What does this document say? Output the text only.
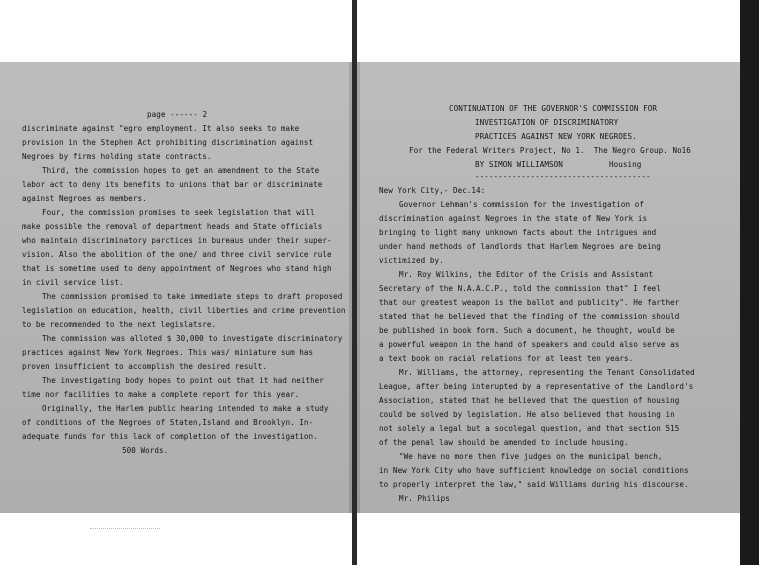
page ------ 2
discriminate against "egro employment. It also seeks to make
provision in the Stephen Act prohibiting discrimination against
Negroes by firms holding state contracts.
Third, the commission hopes to get an amendment to the State
labor act to deny its benefits to unions that bar or discriminate
against Negroes as members.
Four, the commission promises to seek legislation that will
make possible the removal of department heads and State officials
who maintain discriminatory parctices in bureaus under their super-
vision. Also the abolition of the one/ and three civil service rule
that is sometime used to deny appointment of Negroes who stand high
in civil service list.
The commission promised to take immediate steps to draft proposed
legislation on education, health, civil liberties and crime prevention
to be recommended to the next legislatsre.
The commission was alloted $ 30,000 to investigate discriminatory
practices against New York Negroes. This was/ miniature sum has
proven insufficient to accomplish the desired result.
The investigating body hopes to point out that it had neither
time nor facilities to make a complete report for this year.
Originally, the Harlem public hearing intended to make a study
of conditions of the Negroes of Staten,Island and Brooklyn. In-
adequate funds for this lack of completion of the investigation.
500 Words.
CONTINUATION OF THE GOVERNOR'S COMMISSION FOR
INVESTIGATION OF DISCRIMINATORY
PRACTICES AGAINST NEW YORK NEGROES.
For the Federal Writers Project, No 1.  The Negro Group. No16
BY SIMON WILLIAMSON          Housing
--------------------------------------
New York City,- Dec.14:
Governor Lehman's commission for the investigation of
discrimination against Negroes in the state of New York is
bringing to light many unknown facts about the intrigues and
under hand methods of landlords that Harlem Negroes are being
victimized by.
Mr. Roy Wilkins, the Editor of the Crisis and Assistant
Secretary of the N.A.A.C.P., told the commission that" I feel
that our greatest weapon is the ballot and publicity". He farther
stated that he believed that the finding of the commission should
be published in book form. Such a document, he thought, would be
a powerful weapon in the hand of speakers and could also serve as
a text book on racial relations for at least ten years.
Mr. Williams, the attorney, representing the Tenant Consolidated
League, after being interupted by a representative of the Landlord's
Association, stated that he believed that the question of housing
could be solved by legislation. He also believed that housing in
not solely a legal but a socolegal question, and that section 515
of the penal law should be amended to include housing.
"We have no more then five judges on the municipal bench,
in New York City who have sufficient knowledge on social conditions
to properly interpret the law," said Williams during his discourse.
Mr. Philips
